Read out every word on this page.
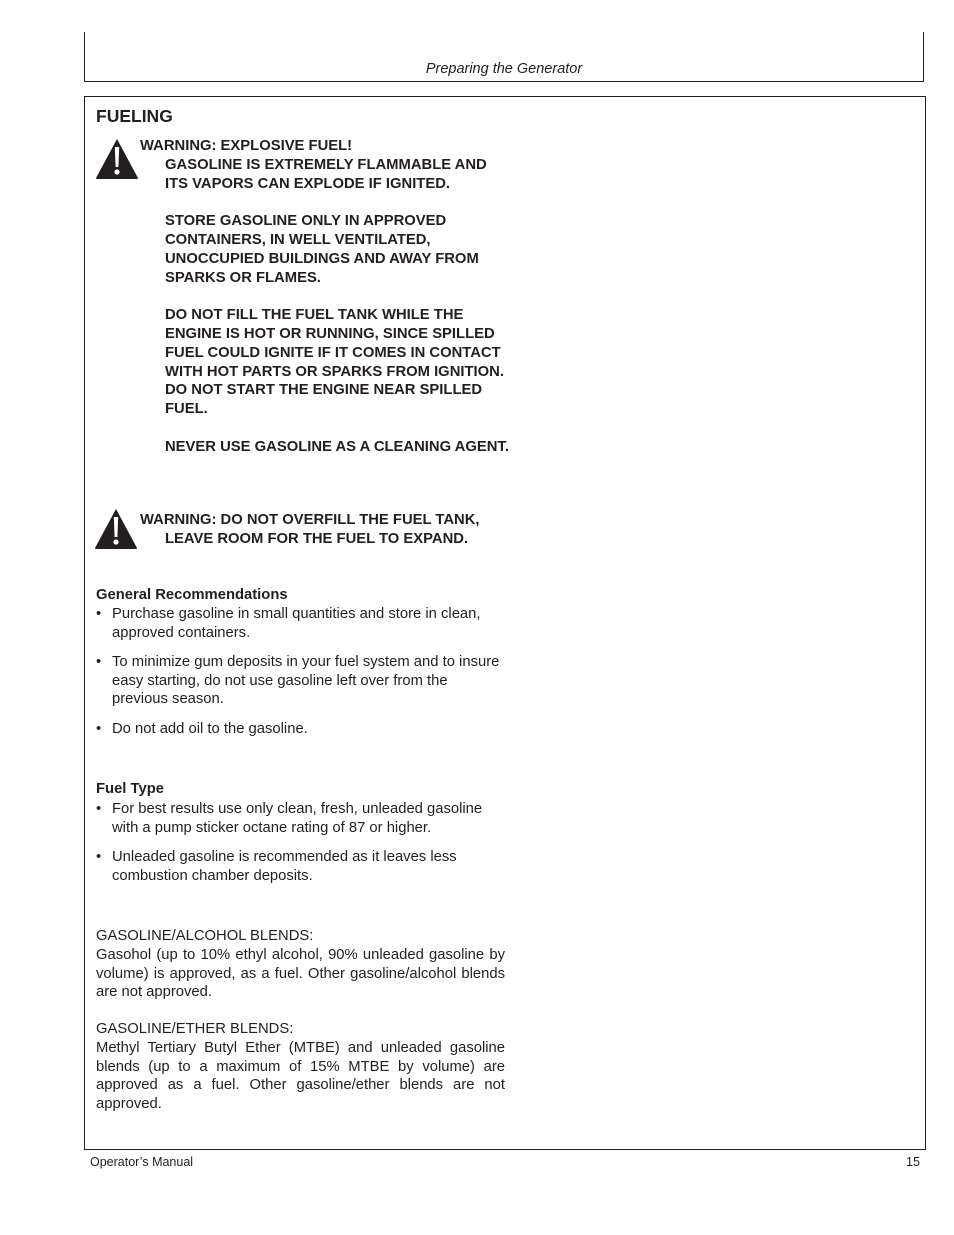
Preparing the Generator
FUELING
WARNING: EXPLOSIVE FUEL!
GASOLINE IS EXTREMELY FLAMMABLE AND ITS VAPORS CAN EXPLODE IF IGNITED.
STORE GASOLINE ONLY IN APPROVED CONTAINERS, IN WELL VENTILATED, UNOCCUPIED BUILDINGS AND AWAY FROM SPARKS OR FLAMES.
DO NOT FILL THE FUEL TANK WHILE THE ENGINE IS HOT OR RUNNING, SINCE SPILLED FUEL COULD IGNITE IF IT COMES IN CONTACT WITH HOT PARTS OR SPARKS FROM IGNITION. DO NOT START THE ENGINE NEAR SPILLED FUEL.
NEVER USE GASOLINE AS A CLEANING AGENT.
WARNING: DO NOT OVERFILL THE FUEL TANK,
LEAVE ROOM FOR THE FUEL TO EXPAND.
General Recommendations
• Purchase gasoline in small quantities and store in clean, approved containers.
• To minimize gum deposits in your fuel system and to insure easy starting, do not use gasoline left over from the previous season.
• Do not add oil to the gasoline.
Fuel Type
• For best results use only clean, fresh, unleaded gasoline with a pump sticker octane rating of 87 or higher.
• Unleaded gasoline is recommended as it leaves less combustion chamber deposits.
GASOLINE/ALCOHOL BLENDS:
Gasohol (up to 10% ethyl alcohol, 90% unleaded gasoline by volume) is approved, as a fuel. Other gasoline/alcohol blends are not approved.
GASOLINE/ETHER BLENDS:
Methyl Tertiary Butyl Ether (MTBE) and unleaded gasoline blends (up to a maximum of 15% MTBE by volume) are approved as a fuel. Other gasoline/ether blends are not approved.
Operator’s Manual	15
